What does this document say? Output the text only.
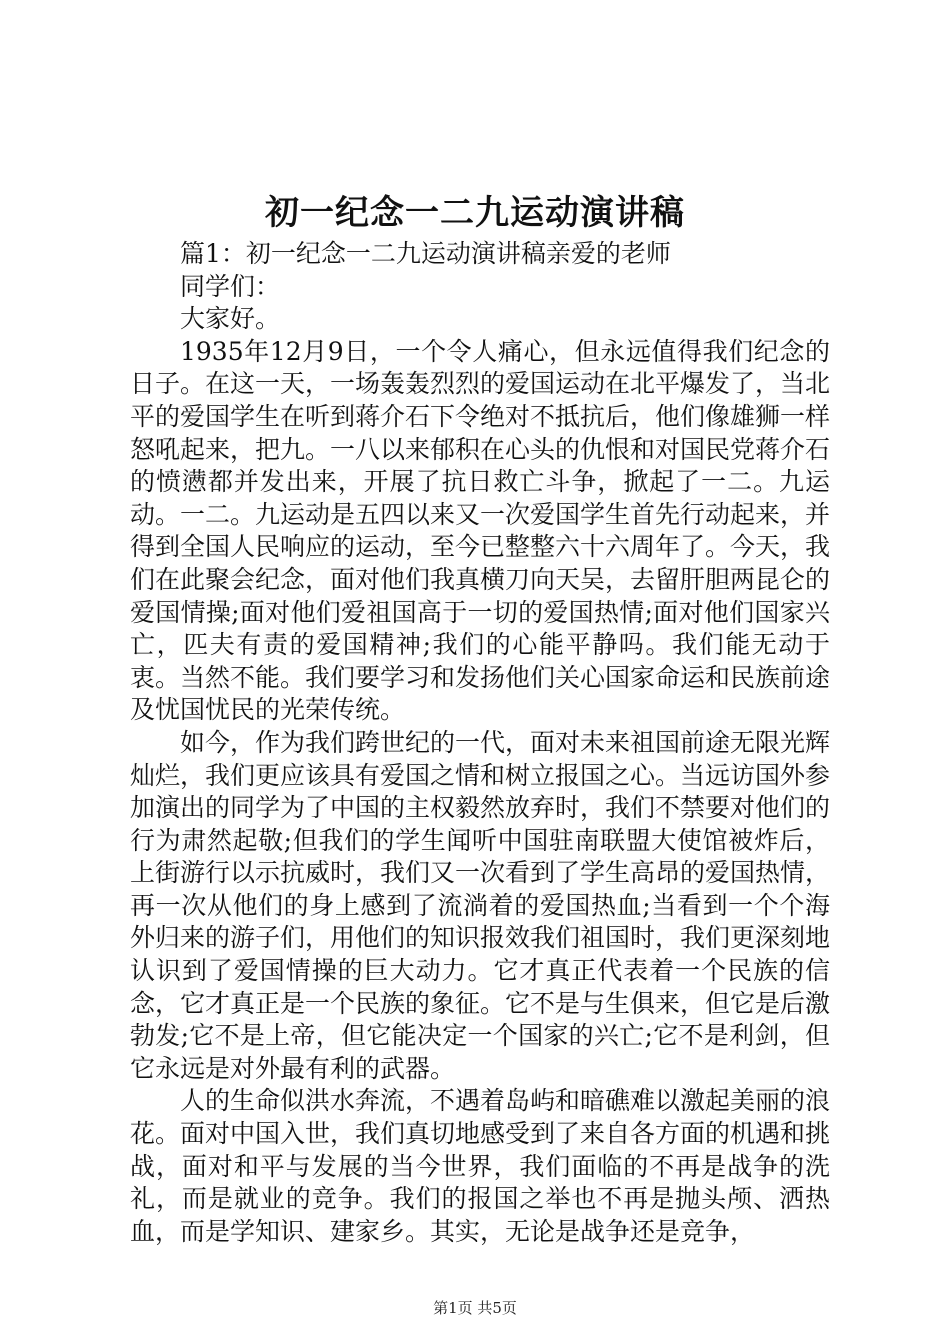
初一纪念一二九运动演讲稿

篇1：初一纪念一二九运动演讲稿亲爱的老师

同学们：

大家好。

1935年12月9日，一个令人痛心，但永远值得我们纪念的日子。在这一天，一场轰轰烈烈的爱国运动在北平爆发了，当北平的爱国学生在听到蒋介石下令绝对不抵抗后，他们像雄狮一样怒吼起来，把九。一八以来郁积在心头的仇恨和对国民党蒋介石的愤懑都并发出来，开展了抗日救亡斗争，掀起了一二。九运动。一二。九运动是五四以来又一次爱国学生首先行动起来，并得到全国人民响应的运动，至今已整整六十六周年了。今天，我们在此聚会纪念，面对他们我真横刀向天吴，去留肝胆两昆仑的爱国情操;面对他们爱祖国高于一切的爱国热情;面对他们国家兴亡，匹夫有责的爱国精神;我们的心能平静吗。我们能无动于衷。当然不能。我们要学习和发扬他们关心国家命运和民族前途及忧国忧民的光荣传统。

如今，作为我们跨世纪的一代，面对未来祖国前途无限光辉灿烂，我们更应该具有爱国之情和树立报国之心。当远访国外参加演出的同学为了中国的主权毅然放弃时，我们不禁要对他们的行为肃然起敬;但我们的学生闻听中国驻南联盟大使馆被炸后，上街游行以示抗威时，我们又一次看到了学生高昂的爱国热情，再一次从他们的身上感到了流淌着的爱国热血;当看到一个个海外归来的游子们，用他们的知识报效我们祖国时，我们更深刻地认识到了爱国情操的巨大动力。它才真正代表着一个民族的信念，它才真正是一个民族的象征。它不是与生俱来，但它是后激勃发;它不是上帝，但它能决定一个国家的兴亡;它不是利剑，但它永远是对外最有利的武器。

人的生命似洪水奔流，不遇着岛屿和暗礁难以激起美丽的浪花。面对中国入世，我们真切地感受到了来自各方面的机遇和挑战，面对和平与发展的当今世界，我们面临的不再是战争的洗礼，而是就业的竞争。我们的报国之举也不再是抛头颅、洒热血，而是学知识、建家乡。其实，无论是战争还是竞争，

第1页 共5页
